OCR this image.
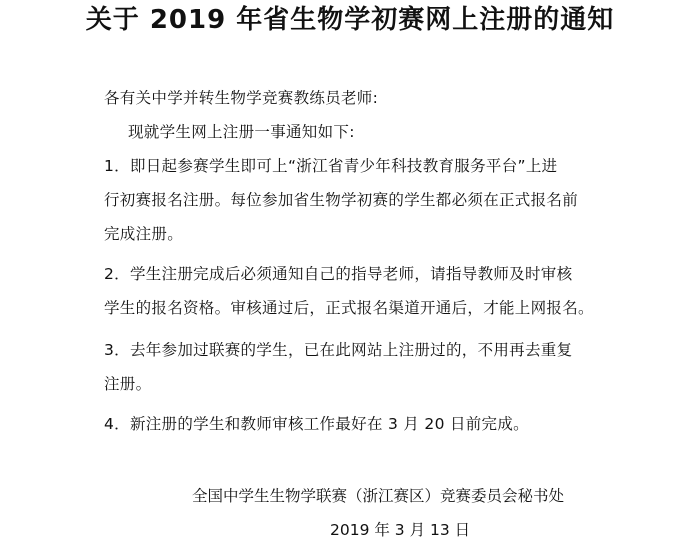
关于 2019 年省生物学初赛网上注册的通知
各有关中学并转生物学竞赛教练员老师:
现就学生网上注册一事通知如下:
1．即日起参赛学生即可上“浙江省青少年科技教育服务平台”上进
行初赛报名注册。每位参加省生物学初赛的学生都必须在正式报名前
完成注册。
2．学生注册完成后必须通知自己的指导老师，请指导教师及时审核
学生的报名资格。审核通过后，正式报名渠道开通后，才能上网报名。
3．去年参加过联赛的学生，已在此网站上注册过的，不用再去重复
注册。
4．新注册的学生和教师审核工作最好在 3 月 20 日前完成。
全国中学生生物学联赛（浙江赛区）竞赛委员会秘书处
2019 年 3 月 13 日
